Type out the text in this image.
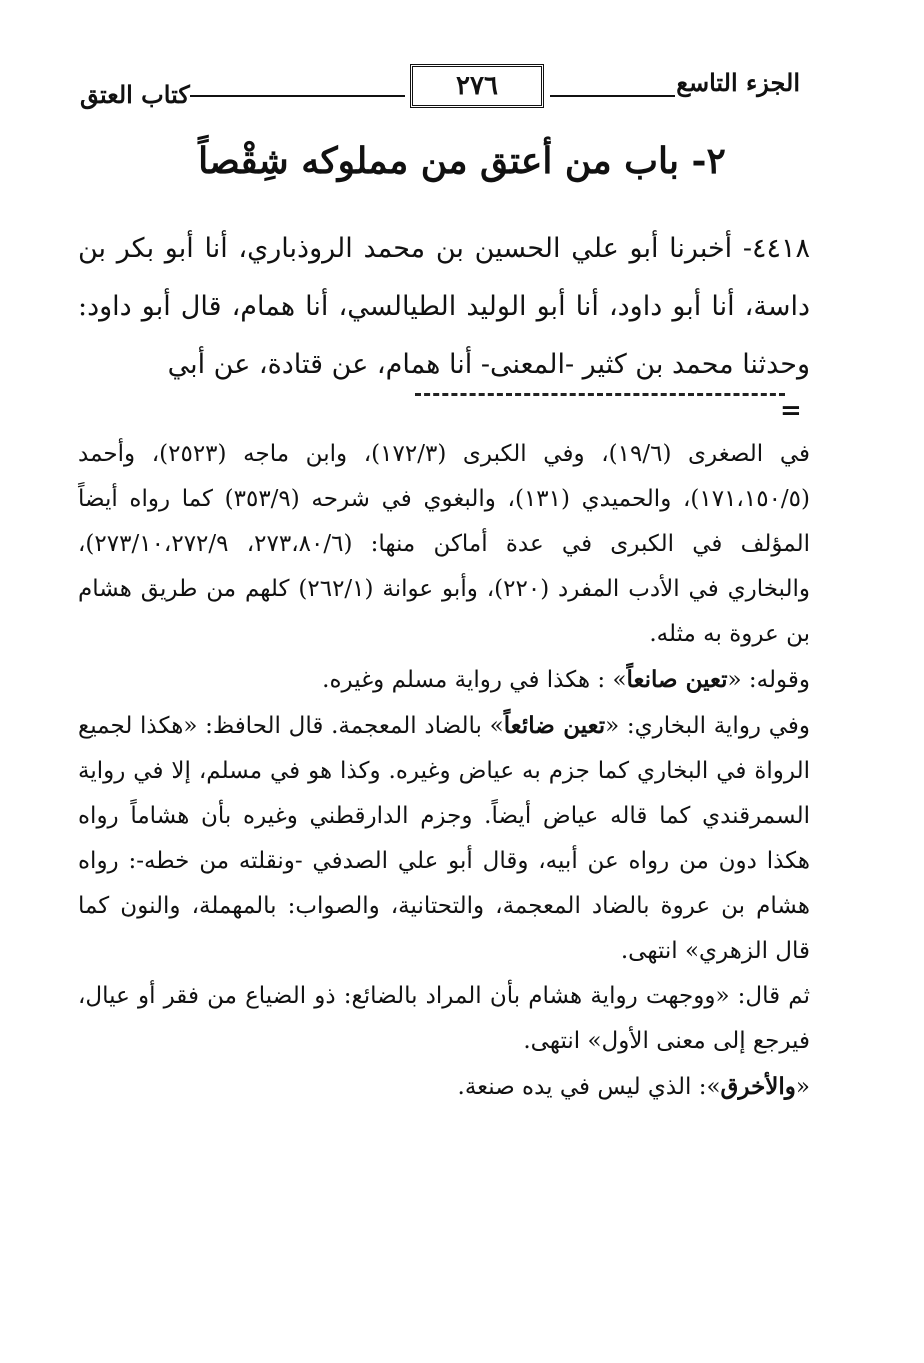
الجزء التاسع
٢٧٦
كتاب العتق
٢- باب من أعتق من مملوكه شِقْصاً

٤٤١٨- أخبرنا أبو علي الحسين بن محمد الروذباري، أنا أبو بكر بن داسة، أنا أبو داود، أنا أبو الوليد الطيالسي، أنا همام، قال أبو داود: وحدثنا محمد بن كثير -المعنى- أنا همام، عن قتادة، عن أبي

=

في الصغرى (١٩/٦)، وفي الكبرى (١٧٢/٣)، وابن ماجه (٢٥٢٣)، وأحمد (١٧١،١٥٠/٥)، والحميدي (١٣١)، والبغوي في شرحه (٣٥٣/٩) كما رواه أيضاً المؤلف في الكبرى في عدة أماكن منها: (٢٧٣،٨٠/٦، ٢٧٣/١٠،٢٧٢/٩)، والبخاري في الأدب المفرد (٢٢٠)، وأبو عوانة (٢٦٢/١) كلهم من طريق هشام بن عروة به مثله.

وقوله: «تعين صانعاً» : هكذا في رواية مسلم وغيره.

وفي رواية البخاري: «تعين ضائعاً» بالضاد المعجمة. قال الحافظ: «هكذا لجميع الرواة في البخاري كما جزم به عياض وغيره. وكذا هو في مسلم، إلا في رواية السمرقندي كما قاله عياض أيضاً. وجزم الدارقطني وغيره بأن هشاماً رواه هكذا دون من رواه عن أبيه، وقال أبو علي الصدفي -ونقلته من خطه-: رواه هشام بن عروة بالضاد المعجمة، والتحتانية، والصواب: بالمهملة، والنون كما قال الزهري» انتهى.

ثم قال: «ووجهت رواية هشام بأن المراد بالضائع: ذو الضياع من فقر أو عيال، فيرجع إلى معنى الأول» انتهى.

«والأخرق»: الذي ليس في يده صنعة.
